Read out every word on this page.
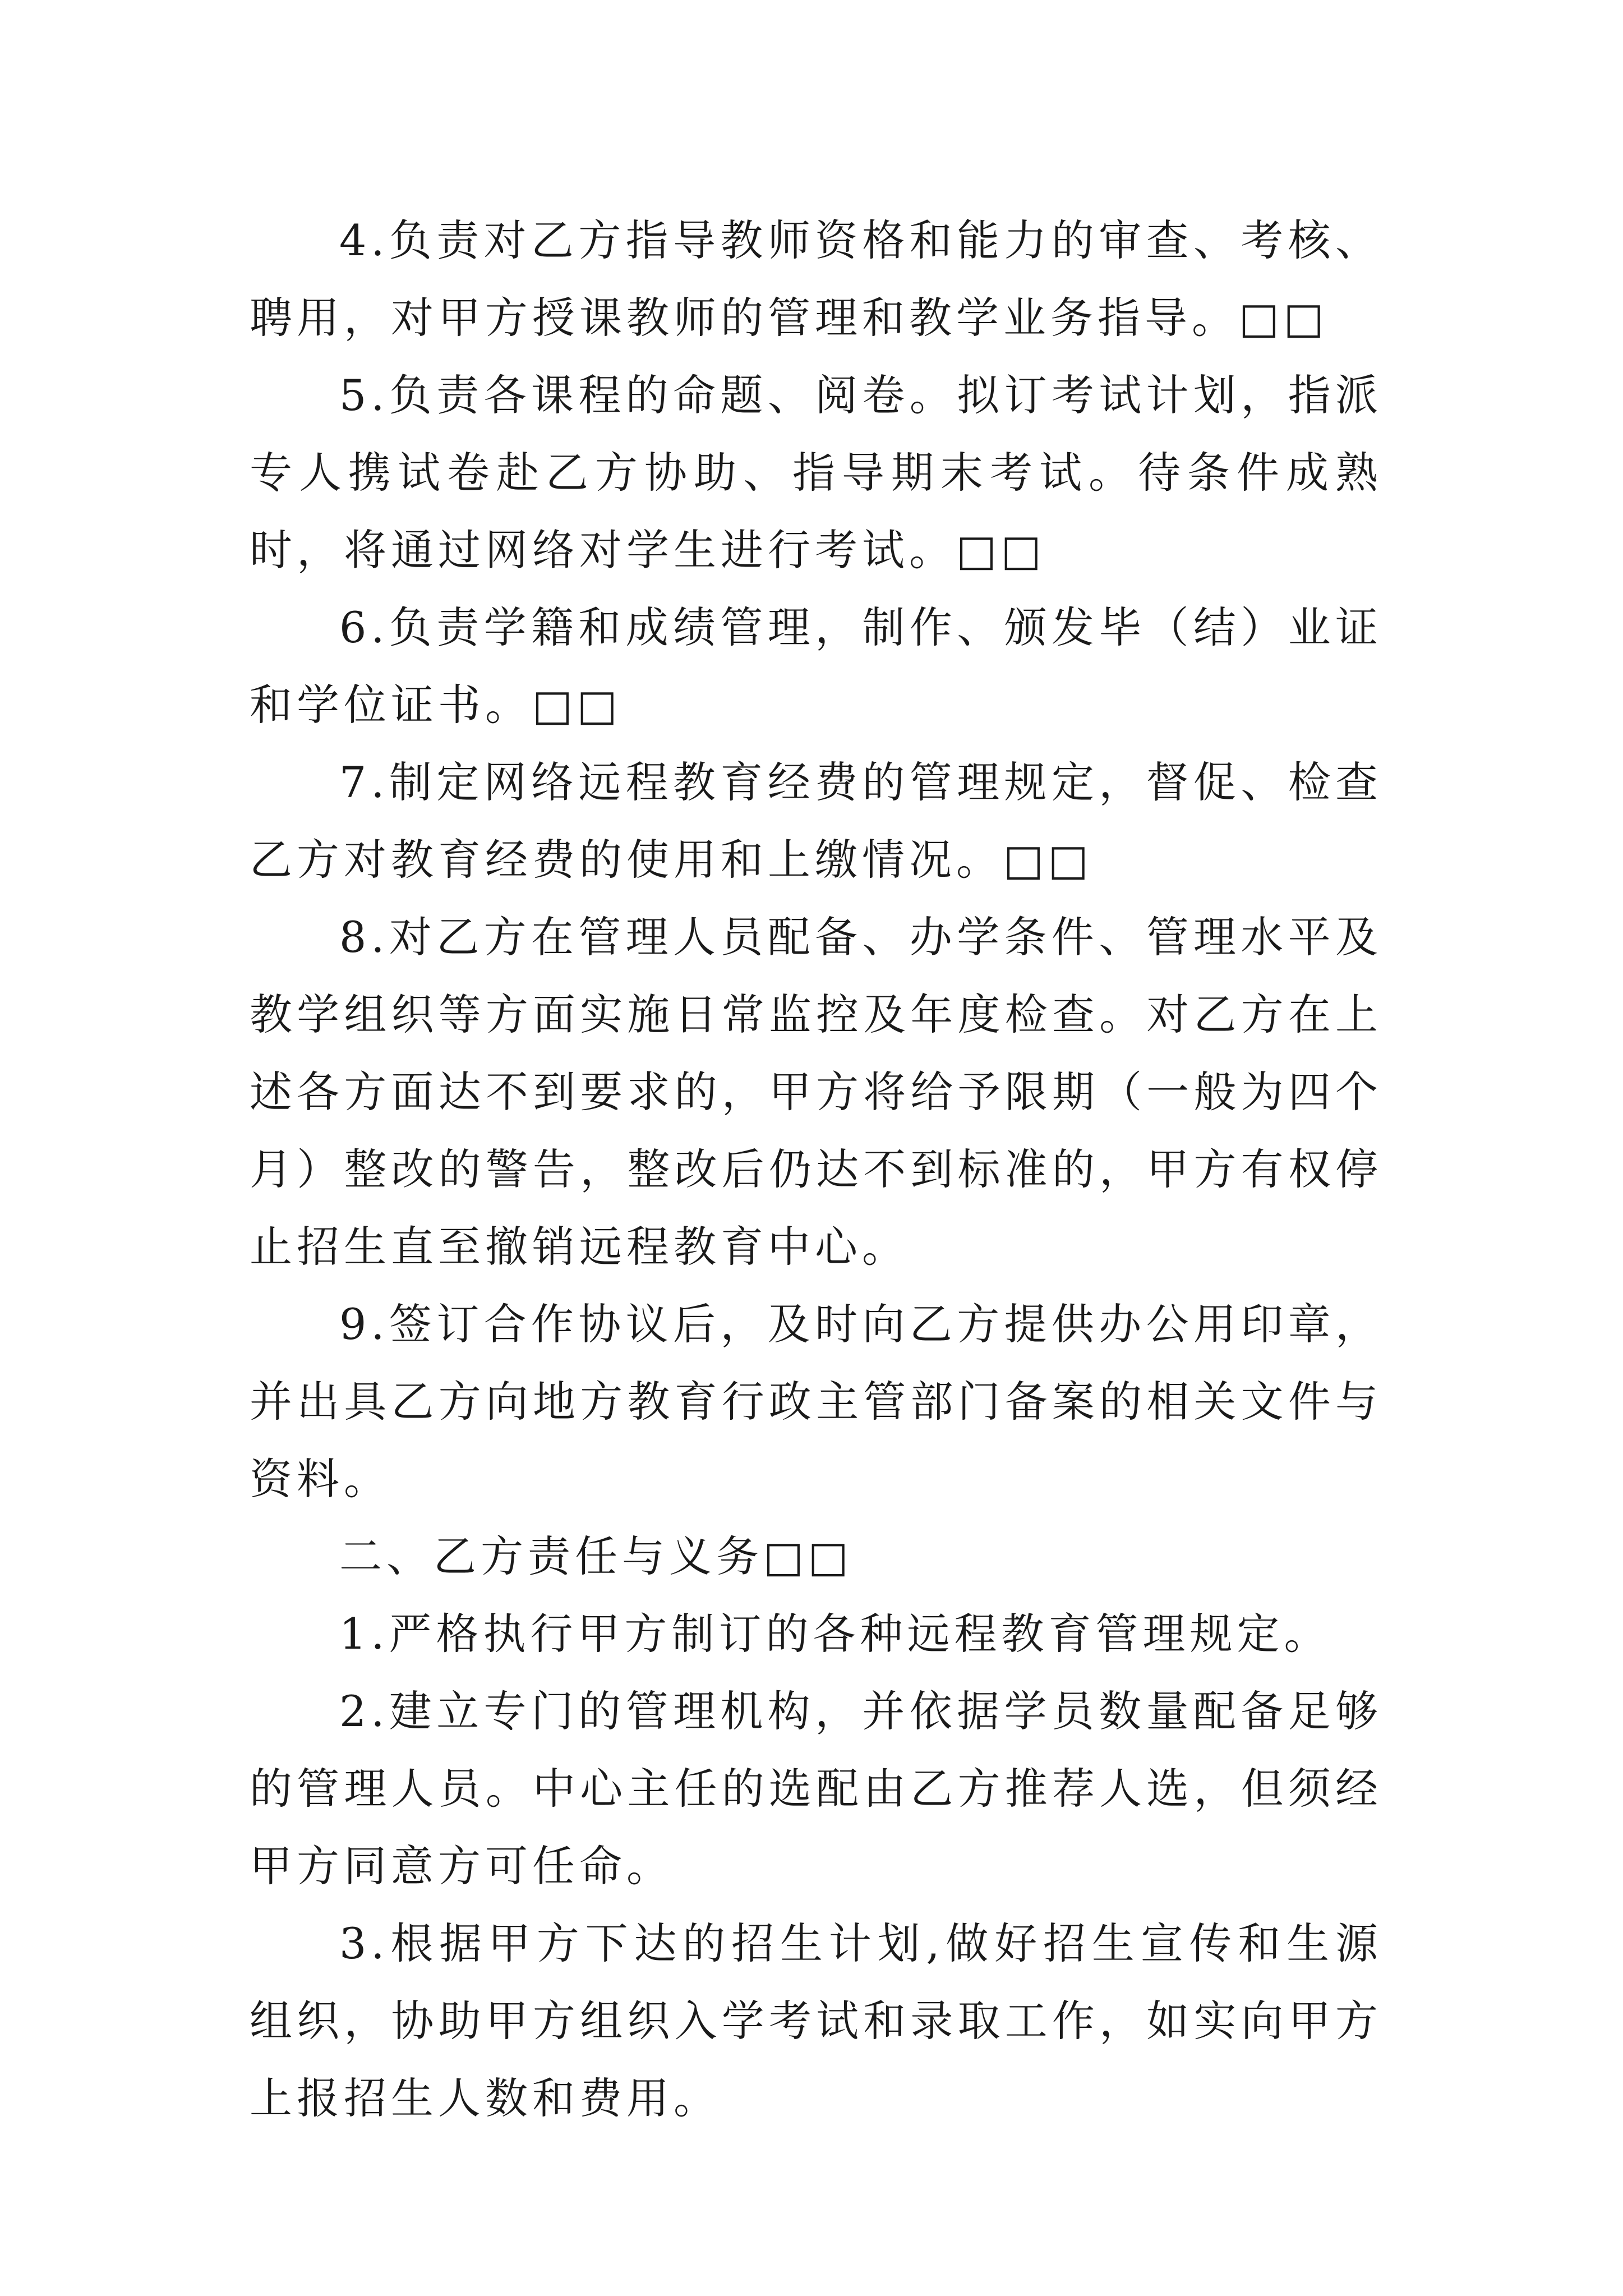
4.负责对乙方指导教师资格和能力的审查、考核、聘用，对甲方授课教师的管理和教学业务指导。□□

5.负责各课程的命题、阅卷。拟订考试计划，指派专人携试卷赴乙方协助、指导期末考试。待条件成熟时，将通过网络对学生进行考试。□□

6.负责学籍和成绩管理，制作、颁发毕（结）业证和学位证书。□□

7.制定网络远程教育经费的管理规定，督促、检查乙方对教育经费的使用和上缴情况。□□

8.对乙方在管理人员配备、办学条件、管理水平及教学组织等方面实施日常监控及年度检查。对乙方在上述各方面达不到要求的，甲方将给予限期（一般为四个月）整改的警告，整改后仍达不到标准的，甲方有权停止招生直至撤销远程教育中心。

9.签订合作协议后，及时向乙方提供办公用印章，并出具乙方向地方教育行政主管部门备案的相关文件与资料。

二、乙方责任与义务□□

1.严格执行甲方制订的各种远程教育管理规定。

2.建立专门的管理机构，并依据学员数量配备足够的管理人员。中心主任的选配由乙方推荐人选，但须经甲方同意方可任命。

3.根据甲方下达的招生计划,做好招生宣传和生源组织，协助甲方组织入学考试和录取工作，如实向甲方上报招生人数和费用。
